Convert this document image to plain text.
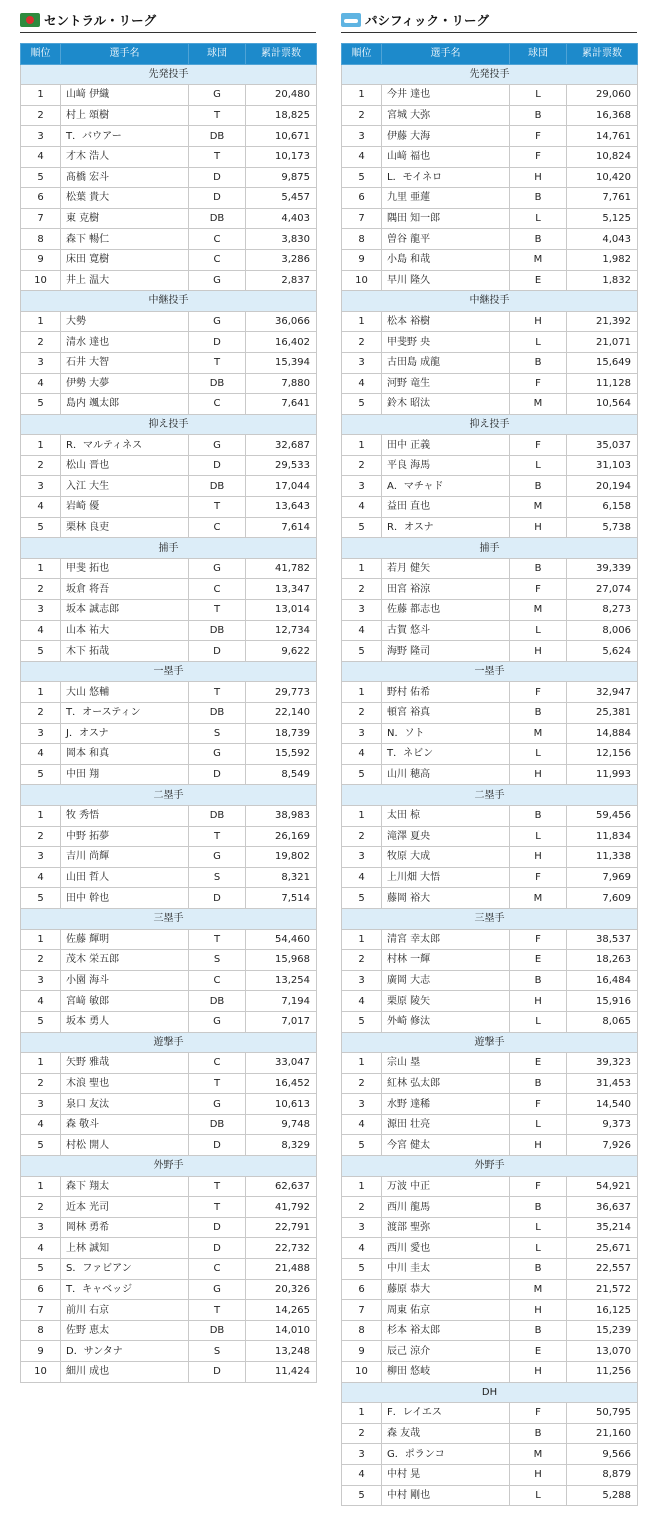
セントラル・リーグ
順位	選手名	球団	累計票数
先発投手			
1	山﨑 伊織	G	20,480
2	村上 頌樹	T	18,825
3	T．バウアー	DB	10,671
4	才木 浩人	T	10,173
5	髙橋 宏斗	D	9,875
6	松葉 貴大	D	5,457
7	東 克樹	DB	4,403
8	森下 暢仁	C	3,830
9	床田 寛樹	C	3,286
10	井上 温大	G	2,837
中継投手			
1	大勢	G	36,066
2	清水 達也	D	16,402
3	石井 大智	T	15,394
4	伊勢 大夢	DB	7,880
5	島内 颯太郎	C	7,641
抑え投手			
1	R．マルティネス	G	32,687
2	松山 晋也	D	29,533
3	入江 大生	DB	17,044
4	岩崎 優	T	13,643
5	栗林 良吏	C	7,614
捕手			
1	甲斐 拓也	G	41,782
2	坂倉 将吾	C	13,347
3	坂本 誠志郎	T	13,014
4	山本 祐大	DB	12,734
5	木下 拓哉	D	9,622
一塁手			
1	大山 悠輔	T	29,773
2	T．オースティン	DB	22,140
3	J．オスナ	S	18,739
4	岡本 和真	G	15,592
5	中田 翔	D	8,549
二塁手			
1	牧 秀悟	DB	38,983
2	中野 拓夢	T	26,169
3	吉川 尚輝	G	19,802
4	山田 哲人	S	8,321
5	田中 幹也	D	7,514
三塁手			
1	佐藤 輝明	T	54,460
2	茂木 栄五郎	S	15,968
3	小園 海斗	C	13,254
4	宮﨑 敏郎	DB	7,194
5	坂本 勇人	G	7,017
遊撃手			
1	矢野 雅哉	C	33,047
2	木浪 聖也	T	16,452
3	泉口 友汰	G	10,613
4	森 敬斗	DB	9,748
5	村松 開人	D	8,329
外野手			
1	森下 翔太	T	62,637
2	近本 光司	T	41,792
3	岡林 勇希	D	22,791
4	上林 誠知	D	22,732
5	S．ファビアン	C	21,488
6	T．キャベッジ	G	20,326
7	前川 右京	T	14,265
8	佐野 恵太	DB	14,010
9	D．サンタナ	S	13,248
10	細川 成也	D	11,424
パシフィック・リーグ
順位	選手名	球団	累計票数
先発投手			
1	今井 達也	L	29,060
2	宮城 大弥	B	16,368
3	伊藤 大海	F	14,761
4	山﨑 福也	F	10,824
5	L．モイネロ	H	10,420
6	九里 亜蓮	B	7,761
7	隅田 知一郎	L	5,125
8	曽谷 龍平	B	4,043
9	小島 和哉	M	1,982
10	早川 隆久	E	1,832
中継投手			
1	松本 裕樹	H	21,392
2	甲斐野 央	L	21,071
3	古田島 成龍	B	15,649
4	河野 竜生	F	11,128
5	鈴木 昭汰	M	10,564
抑え投手			
1	田中 正義	F	35,037
2	平良 海馬	L	31,103
3	A．マチャド	B	20,194
4	益田 直也	M	6,158
5	R．オスナ	H	5,738
捕手			
1	若月 健矢	B	39,339
2	田宮 裕涼	F	27,074
3	佐藤 都志也	M	8,273
4	古賀 悠斗	L	8,006
5	海野 隆司	H	5,624
一塁手			
1	野村 佑希	F	32,947
2	頓宮 裕真	B	25,381
3	N．ソト	M	14,884
4	T．ネビン	L	12,156
5	山川 穂高	H	11,993
二塁手			
1	太田 椋	B	59,456
2	滝澤 夏央	L	11,834
3	牧原 大成	H	11,338
4	上川畑 大悟	F	7,969
5	藤岡 裕大	M	7,609
三塁手			
1	清宮 幸太郎	F	38,537
2	村林 一輝	E	18,263
3	廣岡 大志	B	16,484
4	栗原 陵矢	H	15,916
5	外崎 修汰	L	8,065
遊撃手			
1	宗山 塁	E	39,323
2	紅林 弘太郎	B	31,453
3	水野 達稀	F	14,540
4	源田 壮亮	L	9,373
5	今宮 健太	H	7,926
外野手			
1	万波 中正	F	54,921
2	西川 龍馬	B	36,637
3	渡部 聖弥	L	35,214
4	西川 愛也	L	25,671
5	中川 圭太	B	22,557
6	藤原 恭大	M	21,572
7	周東 佑京	H	16,125
8	杉本 裕太郎	B	15,239
9	辰己 涼介	E	13,070
10	柳田 悠岐	H	11,256
DH			
1	F．レイエス	F	50,795
2	森 友哉	B	21,160
3	G．ポランコ	M	9,566
4	中村 晃	H	8,879
5	中村 剛也	L	5,288
